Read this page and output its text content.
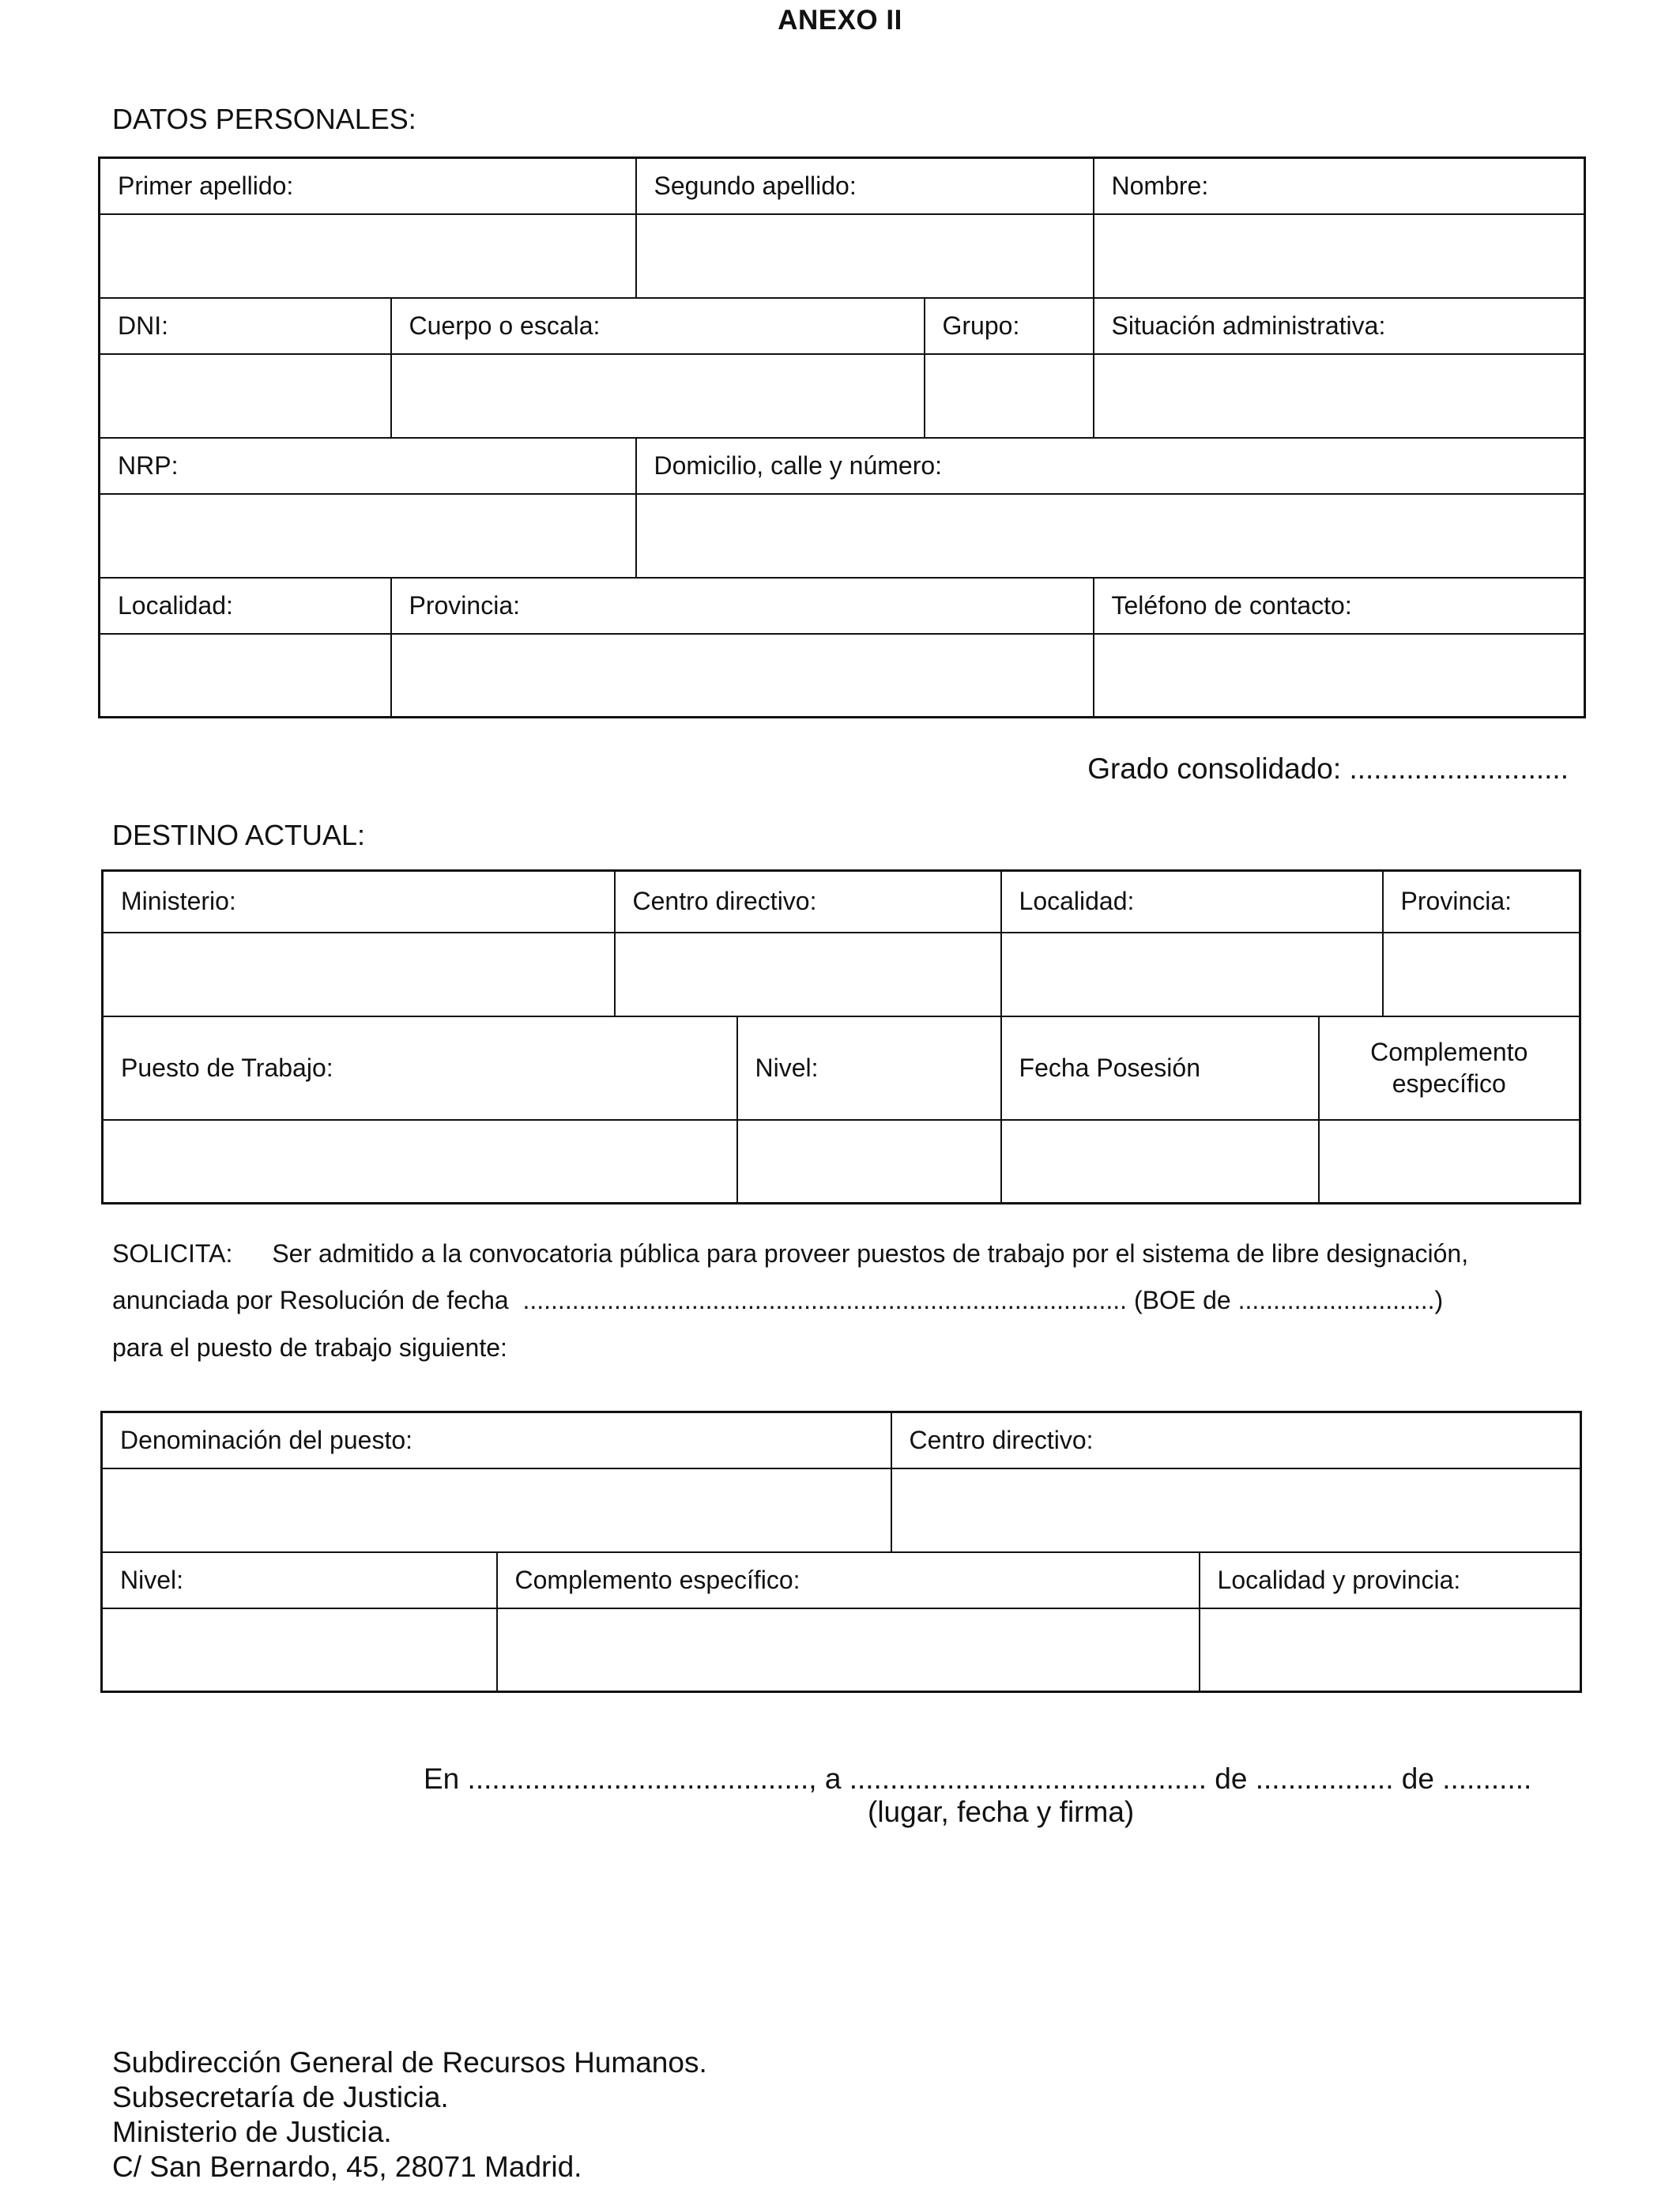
ANEXO II
DATOS PERSONALES:
Primer apellido:		Segundo apellido:		Nombre:

DNI:	Cuerpo o escala:		Grupo:	Situación administrativa:

NRP:		Domicilio, calle y número:		

Localidad:	Provincia:			Teléfono de contacto:

Grado consolidado: ...........................
DESTINO ACTUAL:
Ministerio:	Centro directivo:		Localidad:		Provincia:

Puesto de Trabajo:		Nivel:	Fecha Posesión	Complemento específico	

SOLICITA: Ser admitido a la convocatoria pública para proveer puestos de trabajo por el sistema de libre designación,
anunciada por Resolución de fecha  ...................................................................................... (BOE de ............................)
para el puesto de trabajo siguiente:
Denominación del puesto:		Centro directivo:	

Nivel:	Complemento específico:		Localidad y provincia:

En .........................................., a ............................................ de ................. de ...........
(lugar, fecha y firma)
Subdirección General de Recursos Humanos.
Subsecretaría de Justicia.
Ministerio de Justicia.
C/ San Bernardo, 45, 28071 Madrid.
